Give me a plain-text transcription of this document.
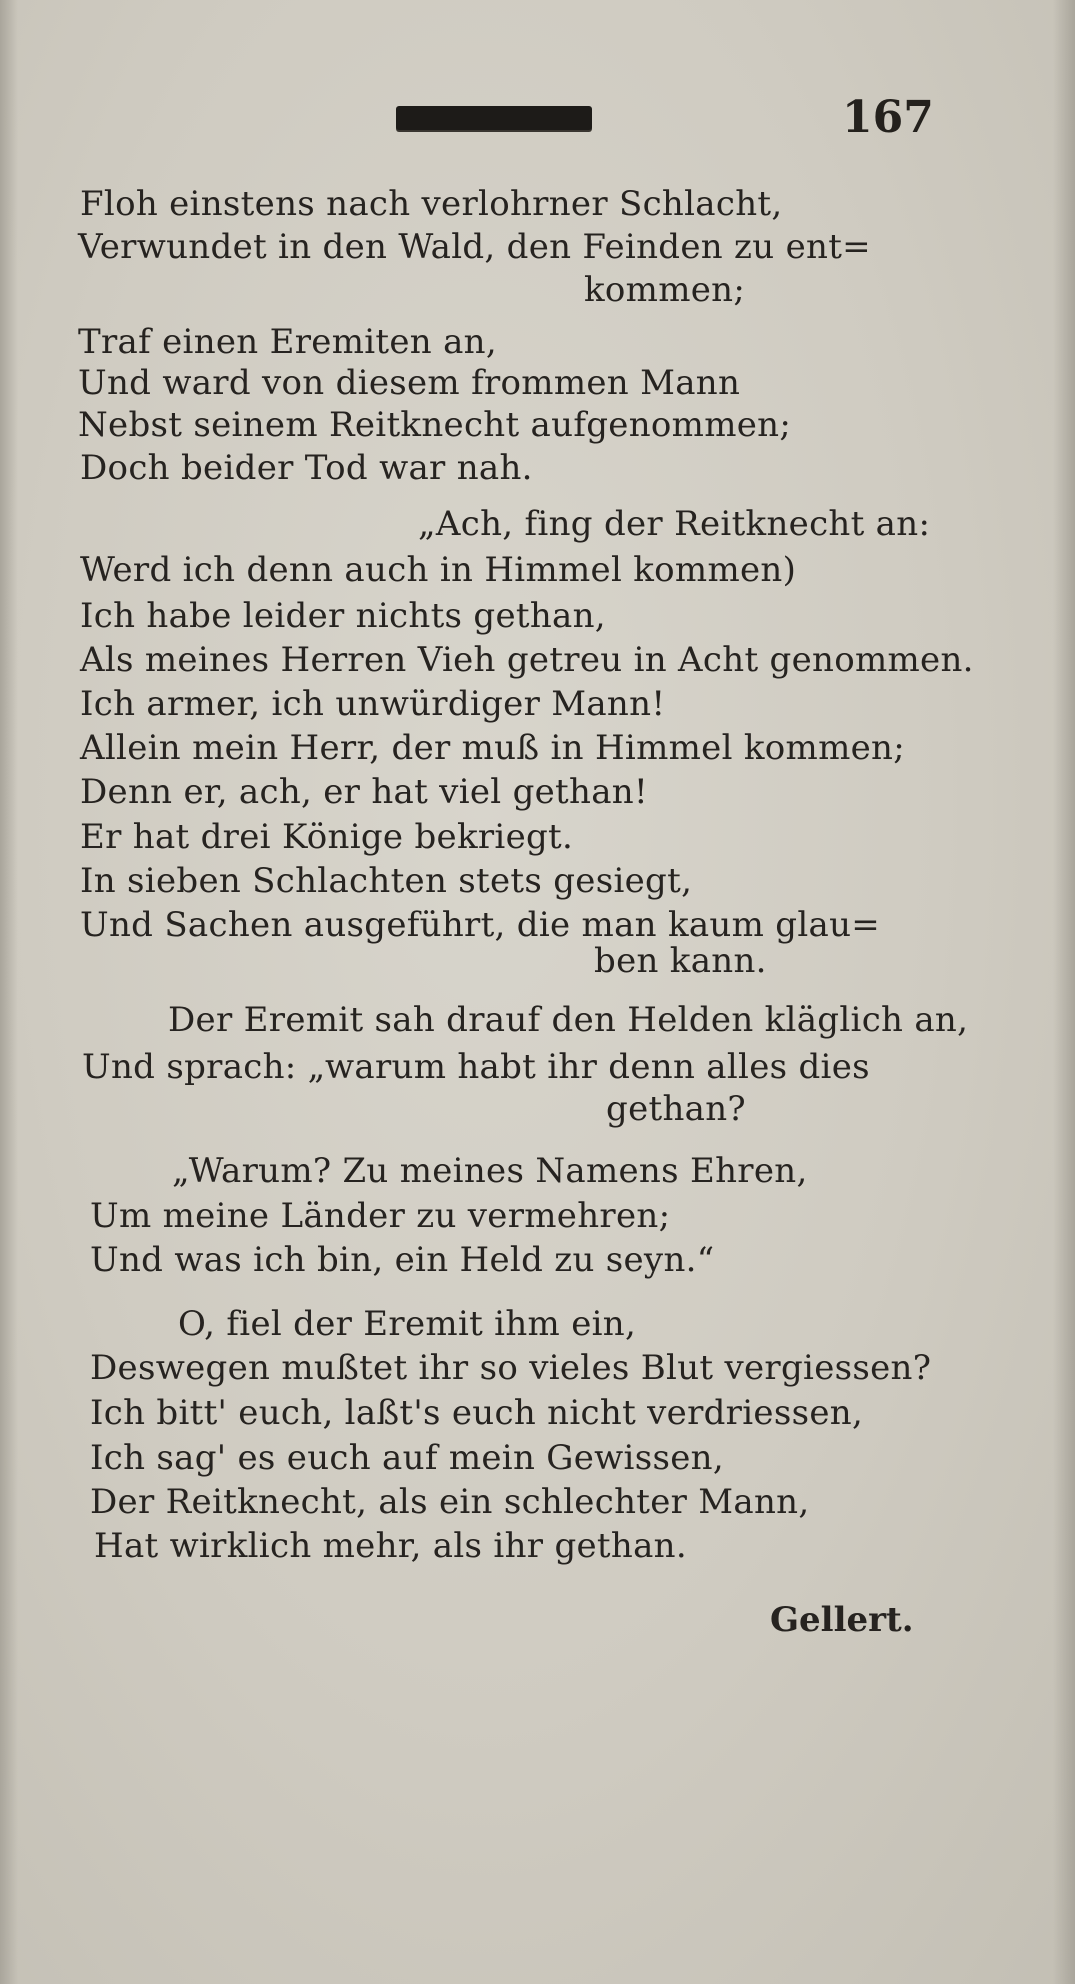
167
Floh einstens nach verlohrner Schlacht,
Verwundet in den Wald, den Feinden zu ent=
kommen;
Traf einen Eremiten an,
Und ward von diesem frommen Mann
Nebst seinem Reitknecht aufgenommen;
Doch beider Tod war nah.
„Ach, fing der Reitknecht an:
Werd ich denn auch in Himmel kommen)
Ich habe leider nichts gethan,
Als meines Herren Vieh getreu in Acht genommen.
Ich armer, ich unwürdiger Mann!
Allein mein Herr, der muß in Himmel kommen;
Denn er, ach, er hat viel gethan!
Er hat drei Könige bekriegt.
In sieben Schlachten stets gesiegt,
Und Sachen ausgeführt, die man kaum glau=
ben kann.
Der Eremit sah drauf den Helden kläglich an,
Und sprach: „warum habt ihr denn alles dies
gethan?
„Warum? Zu meines Namens Ehren,
Um meine Länder zu vermehren;
Und was ich bin, ein Held zu seyn.“
O, fiel der Eremit ihm ein,
Deswegen mußtet ihr so vieles Blut vergiessen?
Ich bitt' euch, laßt's euch nicht verdriessen,
Ich sag' es euch auf mein Gewissen,
Der Reitknecht, als ein schlechter Mann,
Hat wirklich mehr, als ihr gethan.
Gellert.
